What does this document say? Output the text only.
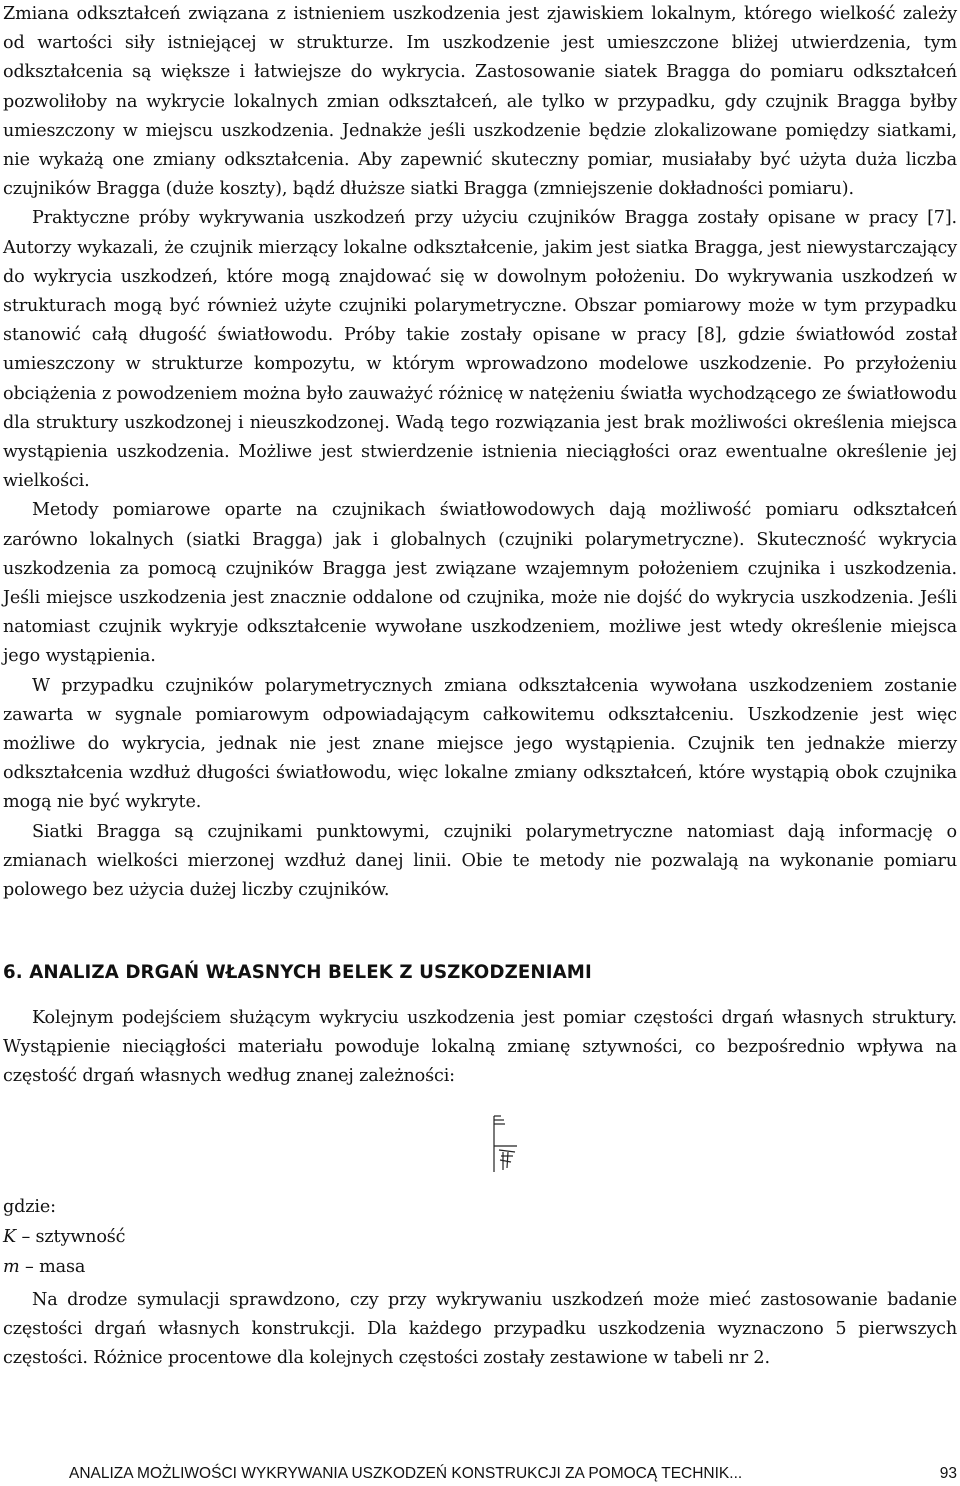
Zmiana odkształceń związana z istnieniem uszkodzenia jest zjawiskiem lokalnym, którego wielkość zależy od wartości siły istniejącej w strukturze. Im uszkodzenie jest umieszczone bliżej utwierdzenia, tym odkształcenia są większe i łatwiejsze do wykrycia. Zastosowanie siatek Bragga do pomiaru odkształceń pozwoliłoby na wykrycie lokalnych zmian odkształceń, ale tylko w przypadku, gdy czujnik Bragga byłby umieszczony w miejscu uszkodzenia. Jednakże jeśli uszkodzenie będzie zlokalizowane pomiędzy siatkami, nie wykażą one zmiany odkształcenia. Aby zapewnić skuteczny pomiar, musiałaby być użyta duża liczba czujników Bragga (duże koszty), bądź dłuższe siatki Bragga (zmniejszenie dokładności pomiaru).

Praktyczne próby wykrywania uszkodzeń przy użyciu czujników Bragga zostały opisane w pracy [7]. Autorzy wykazali, że czujnik mierzący lokalne odkształcenie, jakim jest siatka Bragga, jest niewystarczający do wykrycia uszkodzeń, które mogą znajdować się w dowolnym położeniu. Do wykrywania uszkodzeń w strukturach mogą być również użyte czujniki polarymetryczne. Obszar pomiarowy może w tym przypadku stanowić całą długość światłowodu. Próby takie zostały opisane w pracy [8], gdzie światłowód został umieszczony w strukturze kompozytu, w którym wprowadzono modelowe uszkodzenie. Po przyłożeniu obciążenia z powodzeniem można było zauważyć różnicę w natężeniu światła wychodzącego ze światłowodu dla struktury uszkodzonej i nieuszkodzonej. Wadą tego rozwiązania jest brak możliwości określenia miejsca wystąpienia uszkodzenia. Możliwe jest stwierdzenie istnienia nieciągłości oraz ewentualne określenie jej wielkości.

Metody pomiarowe oparte na czujnikach światłowodowych dają możliwość pomiaru odkształceń zarówno lokalnych (siatki Bragga) jak i globalnych (czujniki polarymetryczne). Skuteczność wykrycia uszkodzenia za pomocą czujników Bragga jest związane wzajemnym położeniem czujnika i uszkodzenia. Jeśli miejsce uszkodzenia jest znacznie oddalone od czujnika, może nie dojść do wykrycia uszkodzenia. Jeśli natomiast czujnik wykryje odkształcenie wywołane uszkodzeniem, możliwe jest wtedy określenie miejsca jego wystąpienia.

W przypadku czujników polarymetrycznych zmiana odkształcenia wywołana uszkodzeniem zostanie zawarta w sygnale pomiarowym odpowiadającym całkowitemu odkształceniu. Uszkodzenie jest więc możliwe do wykrycia, jednak nie jest znane miejsce jego wystąpienia. Czujnik ten jednakże mierzy odkształcenia wzdłuż długości światłowodu, więc lokalne zmiany odkształceń, które wystąpią obok czujnika mogą nie być wykryte.

Siatki Bragga są czujnikami punktowymi, czujniki polarymetryczne natomiast dają informację o zmianach wielkości mierzonej wzdłuż danej linii. Obie te metody nie pozwalają na wykonanie pomiaru polowego bez użycia dużej liczby czujników.

6. ANALIZA DRGAŃ WŁASNYCH BELEK Z USZKODZENIAMI

Kolejnym podejściem służącym wykryciu uszkodzenia jest pomiar częstości drgań własnych struktury. Wystąpienie nieciągłości materiału powoduje lokalną zmianę sztywności, co bezpośrednio wpływa na częstość drgań własnych według znanej zależności:

gdzie:
K – sztywność
m – masa

Na drodze symulacji sprawdzono, czy przy wykrywaniu uszkodzeń może mieć zastosowanie badanie częstości drgań własnych konstrukcji. Dla każdego przypadku uszkodzenia wyznaczono 5 pierwszych częstości. Różnice procentowe dla kolejnych częstości zostały zestawione w tabeli nr 2.

ANALIZA MOŻLIWOŚCI WYKRYWANIA USZKODZEŃ KONSTRUKCJI ZA POMOCĄ TECHNIK...	93
